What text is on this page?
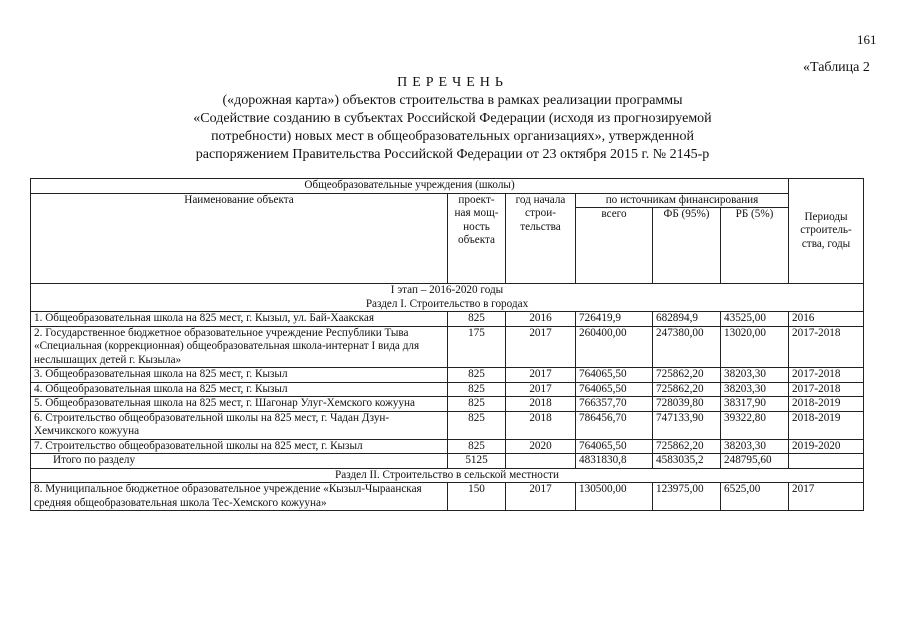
161
«Таблица 2
ПЕРЕЧЕНЬ
(«дорожная карта») объектов строительства в рамках реализации программы
«Содействие созданию в субъектах Российской Федерации (исходя из прогнозируемой
потребности) новых мест в общеобразовательных организациях», утвержденной
распоряжением Правительства Российской Федерации от 23 октября 2015 г. № 2145-р
Общеобразовательные учреждения (школы)						Периоды строитель-ства, годы
Наименование объекта	проект-ная мощ-ность объекта	год начала строи-тельства	по источникам финансирования			
			всего	ФБ (95%)	РБ (5%)	

I этап – 2016-2020 годы
Раздел I. Строительство в городах						

1. Общеобразовательная школа на 825 мест, г. Кызыл, ул. Бай-Хаакская	825	2016	726419,9	682894,9	43525,00	2016
2. Государственное бюджетное образовательное учреждение Республики Тыва «Специальная (коррекционная) общеобразовательная школа-интернат I вида для неслышащих детей г. Кызыла»	175	2017	260400,00	247380,00	13020,00	2017-2018
3. Общеобразовательная школа на 825 мест, г. Кызыл	825	2017	764065,50	725862,20	38203,30	2017-2018
4. Общеобразовательная школа на 825 мест, г. Кызыл	825	2017	764065,50	725862,20	38203,30	2017-2018
5. Общеобразовательная школа на 825 мест, г. Шагонар Улуг-Хемского кожууна	825	2018	766357,70	728039,80	38317,90	2018-2019
6. Строительство общеобразовательной школы на 825 мест, г. Чадан Дзун-Хемчикского кожууна	825	2018	786456,70	747133,90	39322,80	2018-2019
7. Строительство общеобразовательной школы на 825 мест, г. Кызыл	825	2020	764065,50	725862,20	38203,30	2019-2020
Итого по разделу	5125		4831830,8	4583035,2	248795,60	
Раздел II. Строительство в сельской местности						
8. Муниципальное бюджетное образовательное учреждение «Кызыл-Чыраанская средняя общеобразовательная школа Тес-Хемского кожууна»	150	2017	130500,00	123975,00	6525,00	2017
